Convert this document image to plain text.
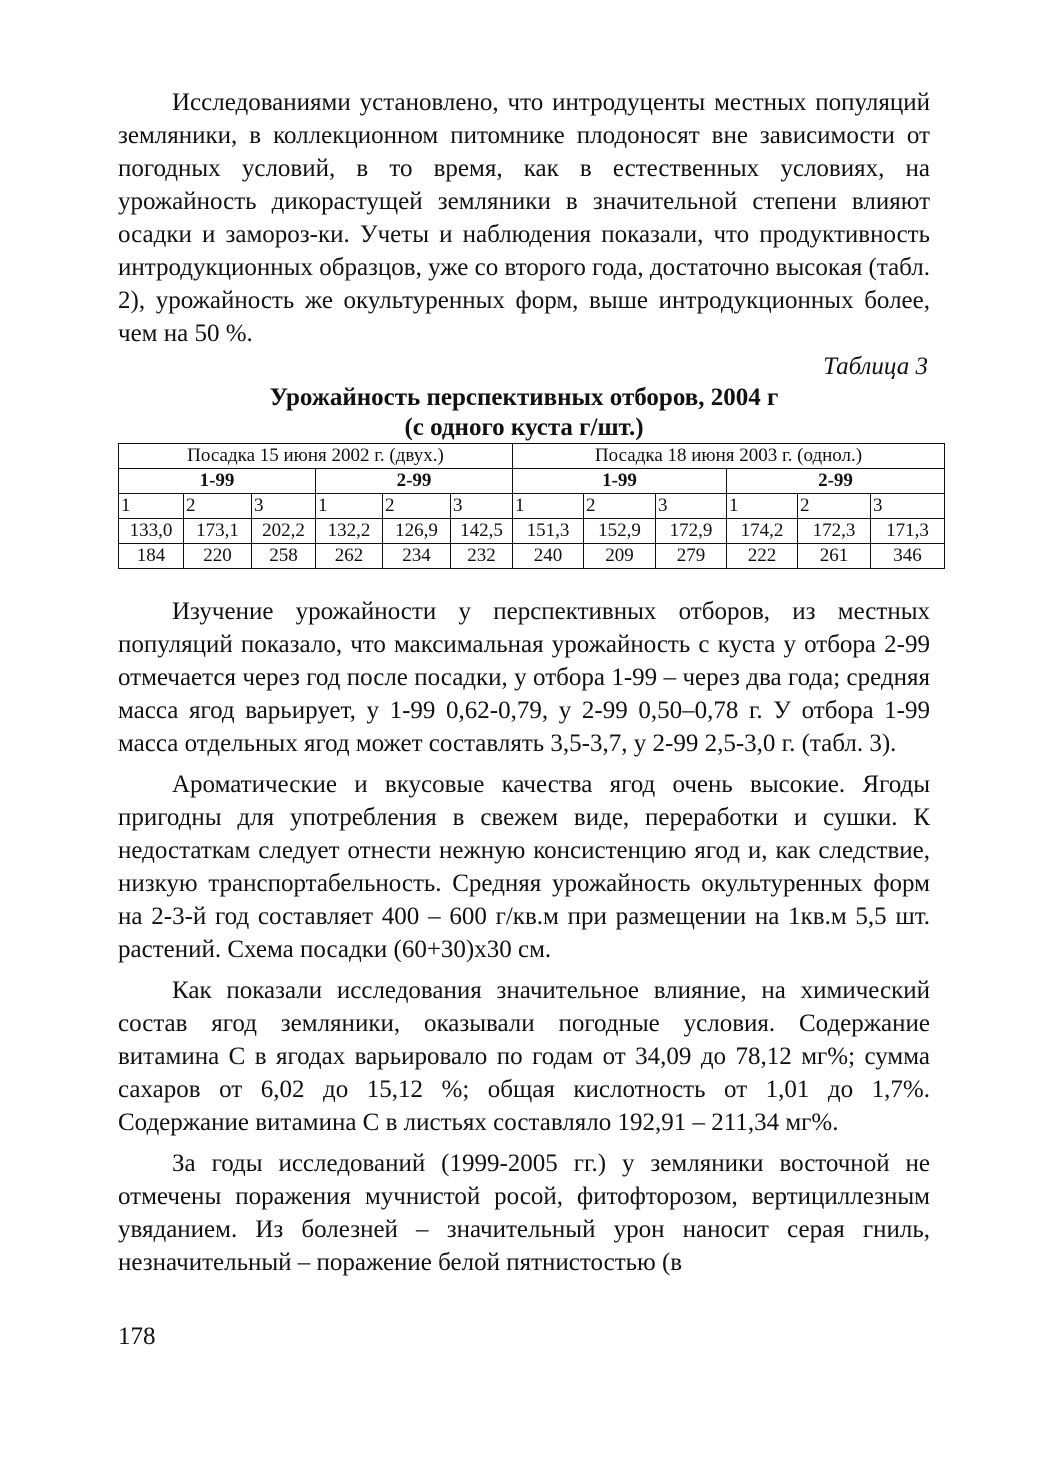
Исследованиями установлено, что интродуценты местных популяций земляники, в коллекционном питомнике плодоносят вне зависимости от погодных условий, в то время, как в естественных условиях, на урожайность дикорастущей земляники в значительной степени влияют осадки и замороз-ки. Учеты и наблюдения показали, что продуктивность интродукционных образцов, уже со второго года, достаточно высокая (табл. 2), урожайность же окультуренных форм, выше интродукционных более, чем на 50 %.

Таблица 3
Урожайность перспективных отборов, 2004 г
(с одного куста г/шт.)
Посадка 15 июня 2002 г. (двух.)						Посадка 18 июня 2003 г. (однол.)					
1-99			2-99			1-99			2-99		
1	2	3	1	2	3	1	2	3	1	2	3
133,0	173,1	202,2	132,2	126,9	142,5	151,3	152,9	172,9	174,2	172,3	171,3
184	220	258	262	234	232	240	209	279	222	261	346

Изучение урожайности у перспективных отборов, из местных популяций показало, что максимальная урожайность с куста у отбора 2-99 отмечается через год после посадки, у отбора 1-99 – через два года; средняя масса ягод варьирует, у 1-99 0,62-0,79, у 2-99 0,50–0,78 г. У отбора 1-99 масса отдельных ягод может составлять 3,5-3,7, у 2-99 2,5-3,0 г. (табл. 3).

Ароматические и вкусовые качества ягод очень высокие. Ягоды пригодны для употребления в свежем виде, переработки и сушки. К недостаткам следует отнести нежную консистенцию ягод и, как следствие, низкую транспортабельность. Средняя урожайность окультуренных форм на 2-3-й год составляет 400 – 600 г/кв.м при размещении на 1кв.м 5,5 шт. растений. Схема посадки (60+30)х30 см.

Как показали исследования значительное влияние, на химический состав ягод земляники, оказывали погодные условия. Содержание витамина С в ягодах варьировало по годам от 34,09 до 78,12 мг%; сумма сахаров от 6,02 до 15,12 %; общая кислотность от 1,01 до 1,7%. Содержание витамина С в листьях составляло 192,91 – 211,34 мг%.

За годы исследований (1999-2005 гг.) у земляники восточной не отмечены поражения мучнистой росой, фитофторозом, вертициллезным увяданием. Из болезней – значительный урон наносит серая гниль, незначительный – поражение белой пятнистостью (в

178
